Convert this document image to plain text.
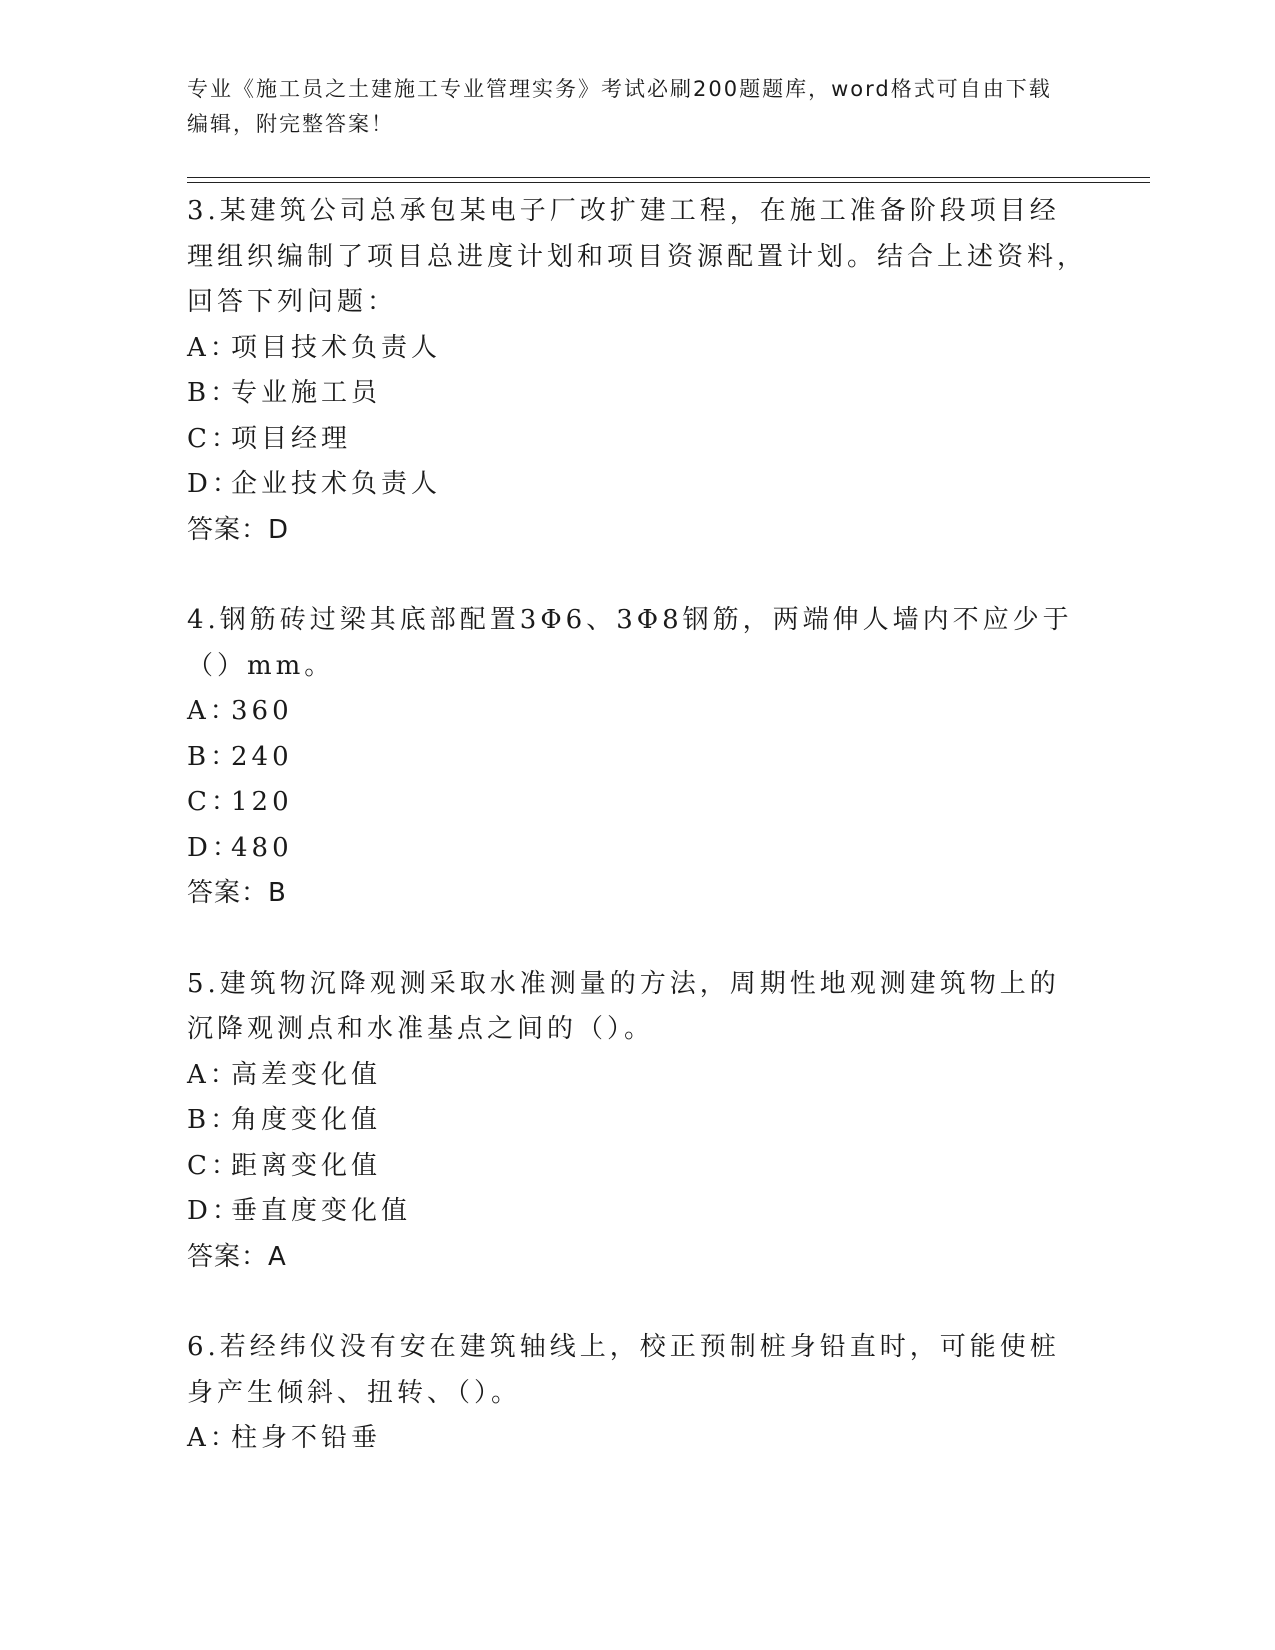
专业《施工员之土建施工专业管理实务》考试必刷200题题库，word格式可自由下载编辑，附完整答案！

3.某建筑公司总承包某电子厂改扩建工程，在施工准备阶段项目经理组织编制了项目总进度计划和项目资源配置计划。结合上述资料，回答下列问题：

A：
项目技术负责人
B：
专业施工员
C：
项目经理
D：
企业技术负责人

答案：D

4.钢筋砖过梁其底部配置3Φ6、3Φ8钢筋，两端伸人墙内不应少于（）mm。

A：
360
B：
240
C：
120
D：
480

答案：B

5.建筑物沉降观测采取水准测量的方法，周期性地观测建筑物上的沉降观测点和水准基点之间的（）。

A：
高差变化值
B：
角度变化值
C：
距离变化值
D：
垂直度变化值

答案：A

6.若经纬仪没有安在建筑轴线上，校正预制桩身铅直时，可能使桩身产生倾斜、扭转、（）。

A：
柱身不铅垂
